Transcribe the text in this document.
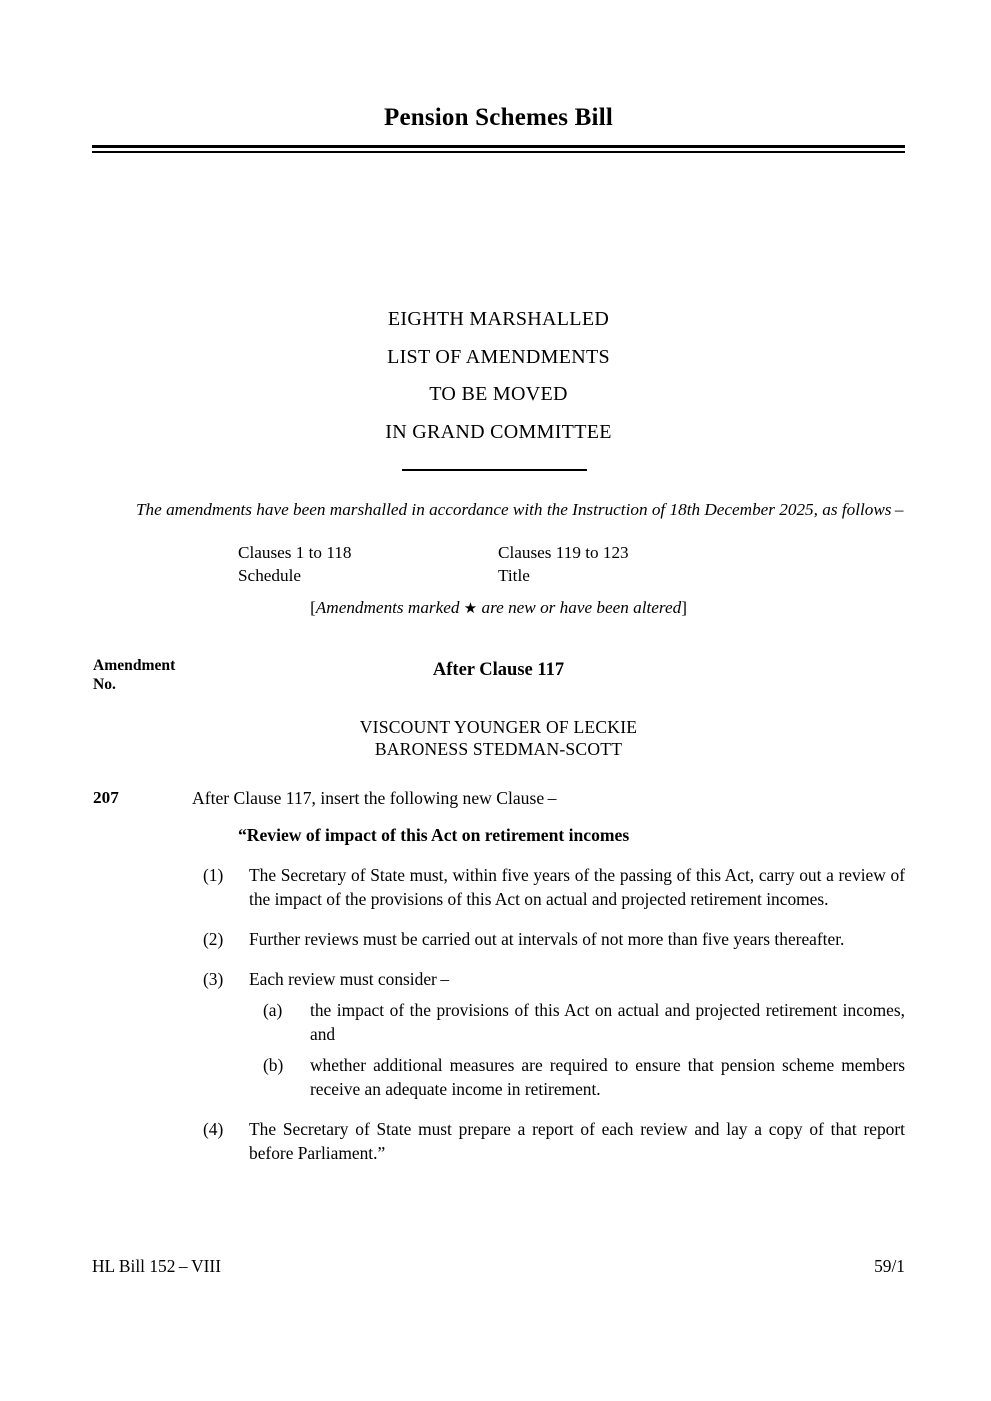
Pension Schemes Bill
EIGHTH MARSHALLED
LIST OF AMENDMENTS
TO BE MOVED
IN GRAND COMMITTEE
The amendments have been marshalled in accordance with the Instruction of 18th December 2025, as follows –
Clauses 1 to 118	Clauses 119 to 123
Schedule	Title
[Amendments marked ★ are new or have been altered]
Amendment
No.
After Clause 117
VISCOUNT YOUNGER OF LECKIE
BARONESS STEDMAN-SCOTT
207	After Clause 117, insert the following new Clause –
“Review of impact of this Act on retirement incomes
(1)	The Secretary of State must, within five years of the passing of this Act, carry out a review of the impact of the provisions of this Act on actual and projected retirement incomes.
(2)	Further reviews must be carried out at intervals of not more than five years thereafter.
(3)	Each review must consider –
(a)	the impact of the provisions of this Act on actual and projected retirement incomes, and
(b)	whether additional measures are required to ensure that pension scheme members receive an adequate income in retirement.
(4)	The Secretary of State must prepare a report of each review and lay a copy of that report before Parliament.”
HL Bill 152 – VIII	59/1
